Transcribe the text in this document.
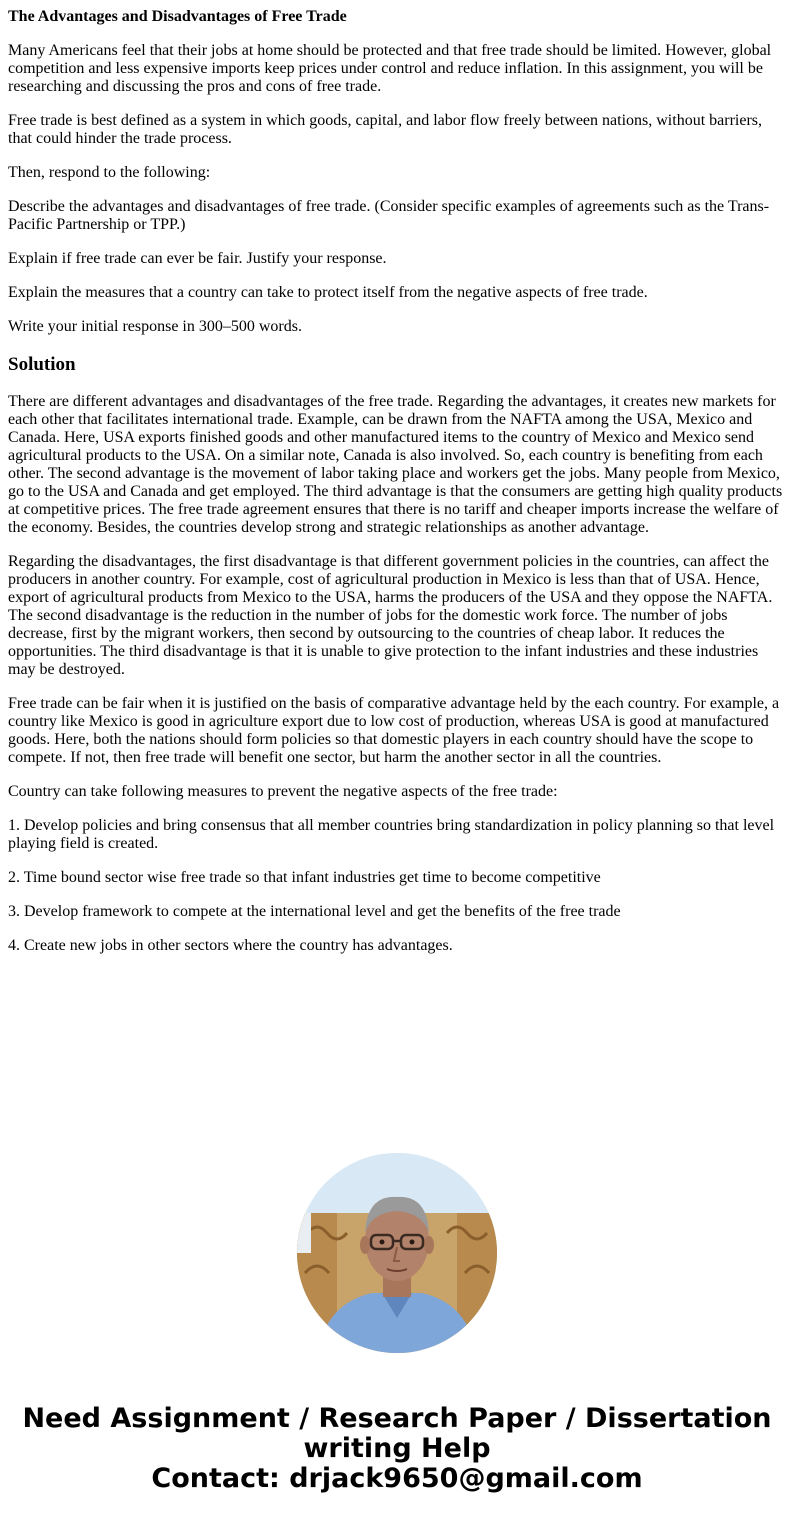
The Advantages and Disadvantages of Free Trade

Many Americans feel that their jobs at home should be protected and that free trade should be limited. However, global competition and less expensive imports keep prices under control and reduce inflation. In this assignment, you will be researching and discussing the pros and cons of free trade.

Free trade is best defined as a system in which goods, capital, and labor flow freely between nations, without barriers, that could hinder the trade process.

Then, respond to the following:

Describe the advantages and disadvantages of free trade. (Consider specific examples of agreements such as the Trans-Pacific Partnership or TPP.)

Explain if free trade can ever be fair. Justify your response.

Explain the measures that a country can take to protect itself from the negative aspects of free trade.

Write your initial response in 300–500 words.

Solution

There are different advantages and disadvantages of the free trade. Regarding the advantages, it creates new markets for each other that facilitates international trade. Example, can be drawn from the NAFTA among the USA, Mexico and Canada. Here, USA exports finished goods and other manufactured items to the country of Mexico and Mexico send agricultural products to the USA. On a similar note, Canada is also involved. So, each country is benefiting from each other. The second advantage is the movement of labor taking place and workers get the jobs. Many people from Mexico, go to the USA and Canada and get employed. The third advantage is that the consumers are getting high quality products at competitive prices. The free trade agreement ensures that there is no tariff and cheaper imports increase the welfare of the economy. Besides, the countries develop strong and strategic relationships as another advantage.

Regarding the disadvantages, the first disadvantage is that different government policies in the countries, can affect the producers in another country. For example, cost of agricultural production in Mexico is less than that of USA. Hence, export of agricultural products from Mexico to the USA, harms the producers of the USA and they oppose the NAFTA. The second disadvantage is the reduction in the number of jobs for the domestic work force. The number of jobs decrease, first by the migrant workers, then second by outsourcing to the countries of cheap labor. It reduces the opportunities. The third disadvantage is that it is unable to give protection to the infant industries and these industries may be destroyed.

Free trade can be fair when it is justified on the basis of comparative advantage held by the each country. For example, a country like Mexico is good in agriculture export due to low cost of production, whereas USA is good at manufactured goods. Here, both the nations should form policies so that domestic players in each country should have the scope to compete. If not, then free trade will benefit one sector, but harm the another sector in all the countries.

Country can take following measures to prevent the negative aspects of the free trade:

1. Develop policies and bring consensus that all member countries bring standardization in policy planning so that level playing field is created.

2. Time bound sector wise free trade so that infant industries get time to become competitive

3. Develop framework to compete at the international level and get the benefits of the free trade

4. Create new jobs in other sectors where the country has advantages.

Need Assignment / Research Paper / Dissertation
writing Help
Contact: drjack9650@gmail.com
